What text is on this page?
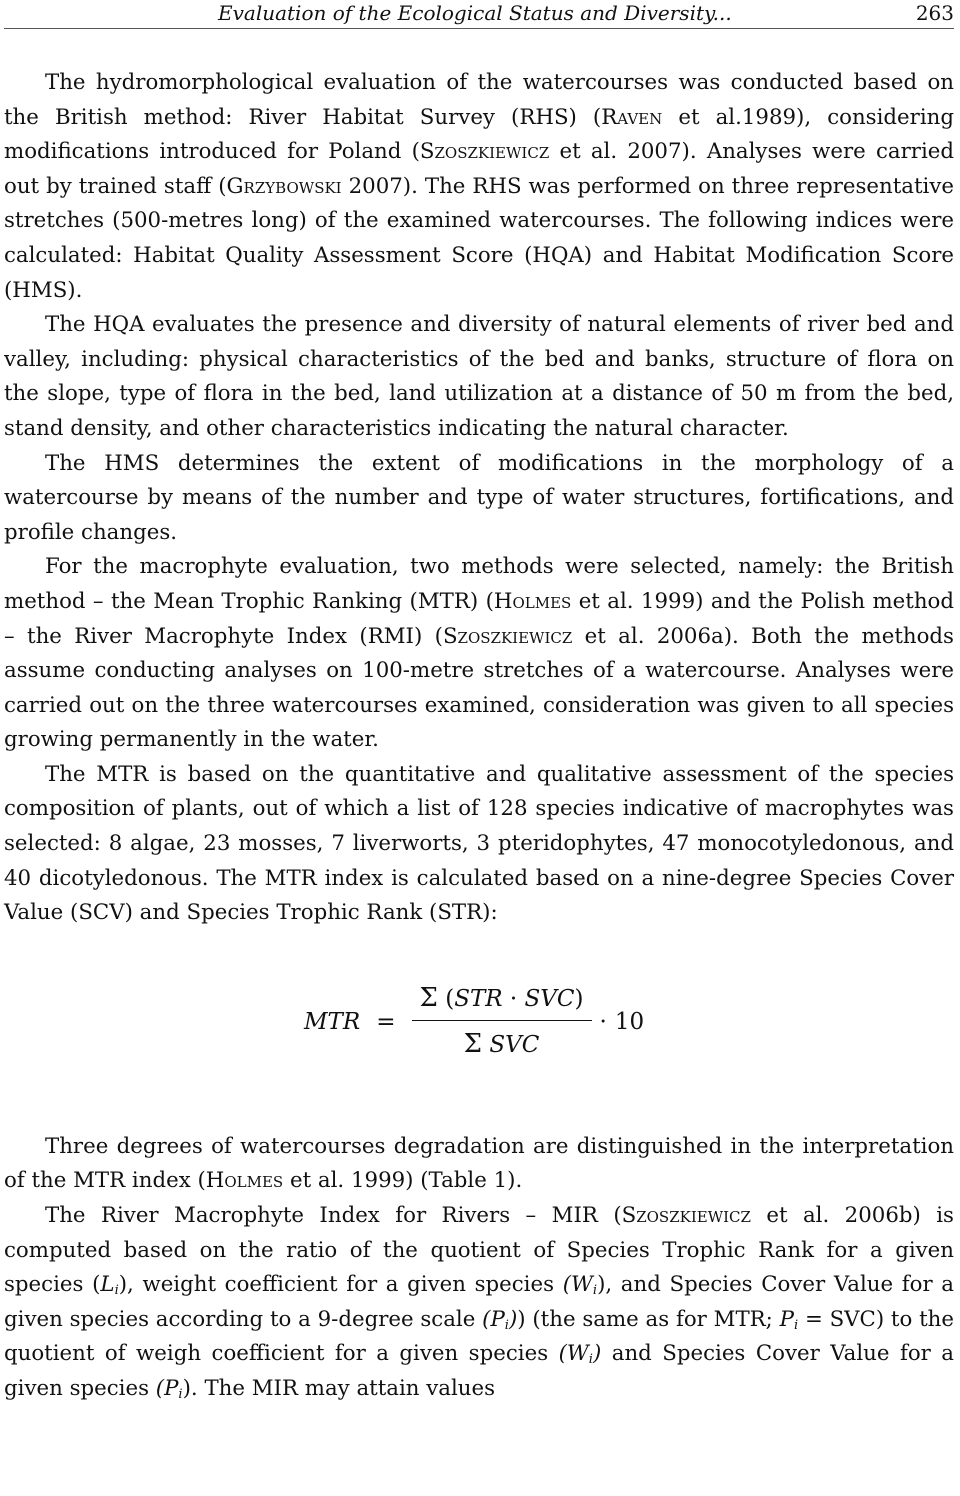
Evaluation of the Ecological Status and Diversity...	263

The hydromorphological evaluation of the watercourses was conducted based on the British method: River Habitat Survey (RHS) (Raven et al.1989), considering modifications introduced for Poland (Szoszkiewicz et al. 2007). Analyses were carried out by trained staff (Grzybowski 2007). The RHS was performed on three representative stretches (500-metres long) of the examined watercourses. The following indices were calculated: Habitat Quality Assessment Score (HQA) and Habitat Modification Score (HMS).

The HQA evaluates the presence and diversity of natural elements of river bed and valley, including: physical characteristics of the bed and banks, structure of flora on the slope, type of flora in the bed, land utilization at a distance of 50 m from the bed, stand density, and other characteristics indicating the natural character.

The HMS determines the extent of modifications in the morphology of a watercourse by means of the number and type of water structures, fortifications, and profile changes.

For the macrophyte evaluation, two methods were selected, namely: the British method – the Mean Trophic Ranking (MTR) (Holmes et al. 1999) and the Polish method – the River Macrophyte Index (RMI) (Szoszkiewicz et al. 2006a). Both the methods assume conducting analyses on 100-metre stretches of a watercourse. Analyses were carried out on the three watercourses examined, consideration was given to all species growing permanently in the water.

The MTR is based on the quantitative and qualitative assessment of the species composition of plants, out of which a list of 128 species indicative of macrophytes was selected: 8 algae, 23 mosses, 7 liverworts, 3 pteridophytes, 47 monocotyledonous, and 40 dicotyledonous. The MTR index is calculated based on a nine-degree Species Cover Value (SCV) and Species Trophic Rank (STR):

MTR = $\frac{\text{Σ (STR · SVC)}}{\text{Σ SVC}} \cdot 10$

Three degrees of watercourses degradation are distinguished in the interpretation of the MTR index (Holmes et al. 1999) (Table 1).

The River Macrophyte Index for Rivers – MIR (Szoszkiewicz et al. 2006b) is computed based on the ratio of the quotient of Species Trophic Rank for a given species $(L_i)$, weight coefficient for a given species $(W_i)$, and Species Cover Value for a given species according to a 9-degree scale $(P_i)$) (the same as for MTR; $P_i = SVC$) to the quotient of weigh coefficient for a given species $(W_i)$ and Species Cover Value for a given species $(P_i)$. The MIR may attain values
